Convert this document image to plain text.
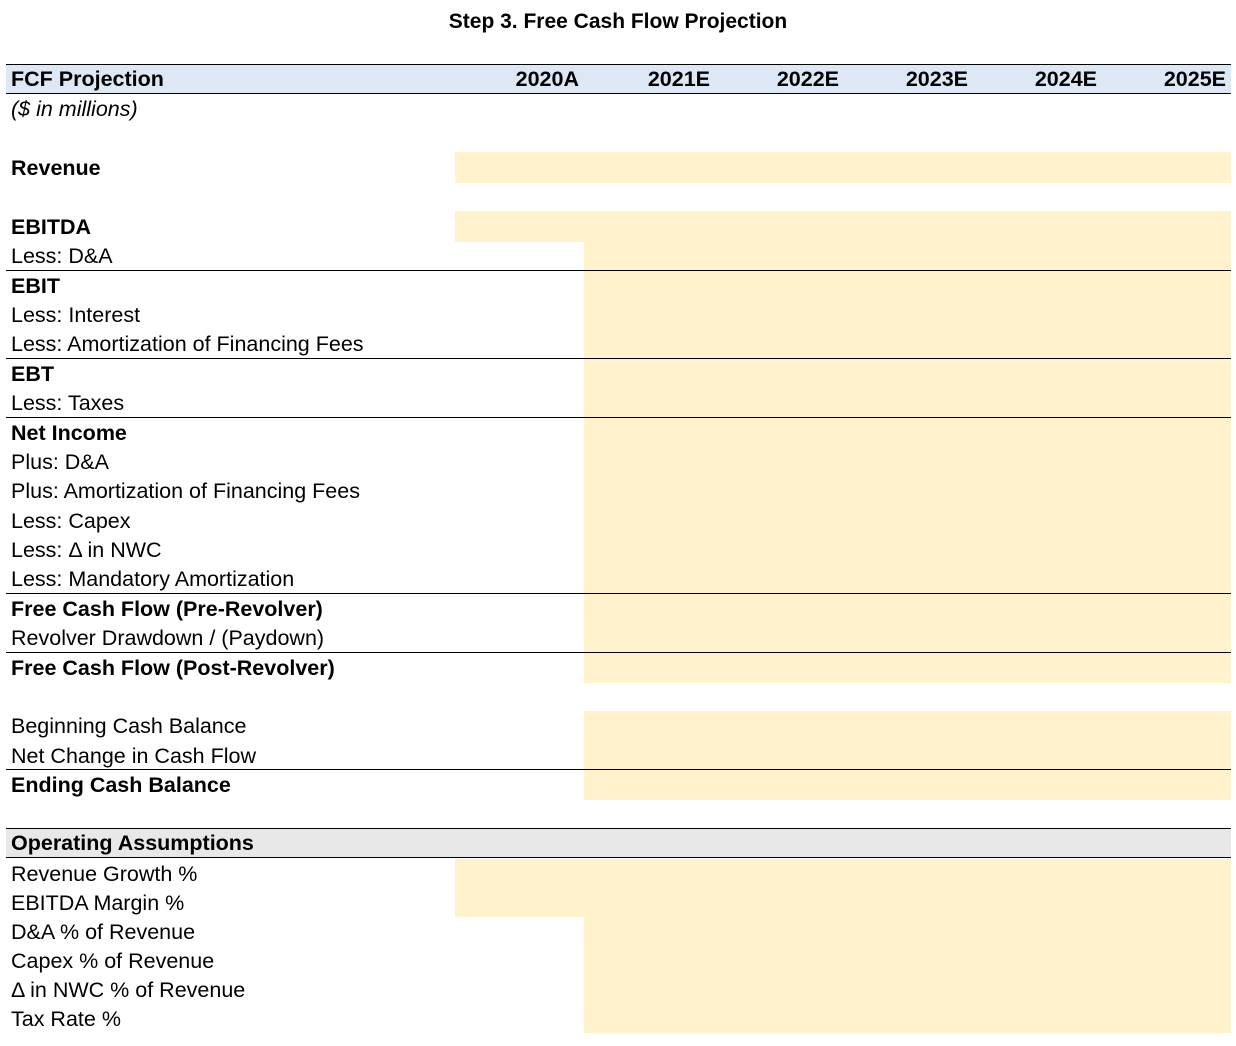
Step 3. Free Cash Flow Projection
FCF Projection	2020A	2021E	2022E	2023E	2024E	2025E
($ in millions)
Revenue
EBITDA
Less: D&A
EBIT
Less: Interest
Less: Amortization of Financing Fees
EBT
Less: Taxes
Net Income
Plus: D&A
Plus: Amortization of Financing Fees
Less: Capex
Less: Δ in NWC
Less: Mandatory Amortization
Free Cash Flow (Pre-Revolver)
Revolver Drawdown / (Paydown)
Free Cash Flow (Post-Revolver)
Beginning Cash Balance
Net Change in Cash Flow
Ending Cash Balance
Operating Assumptions
Revenue Growth %
EBITDA Margin %
D&A % of Revenue
Capex % of Revenue
Δ in NWC % of Revenue
Tax Rate %
